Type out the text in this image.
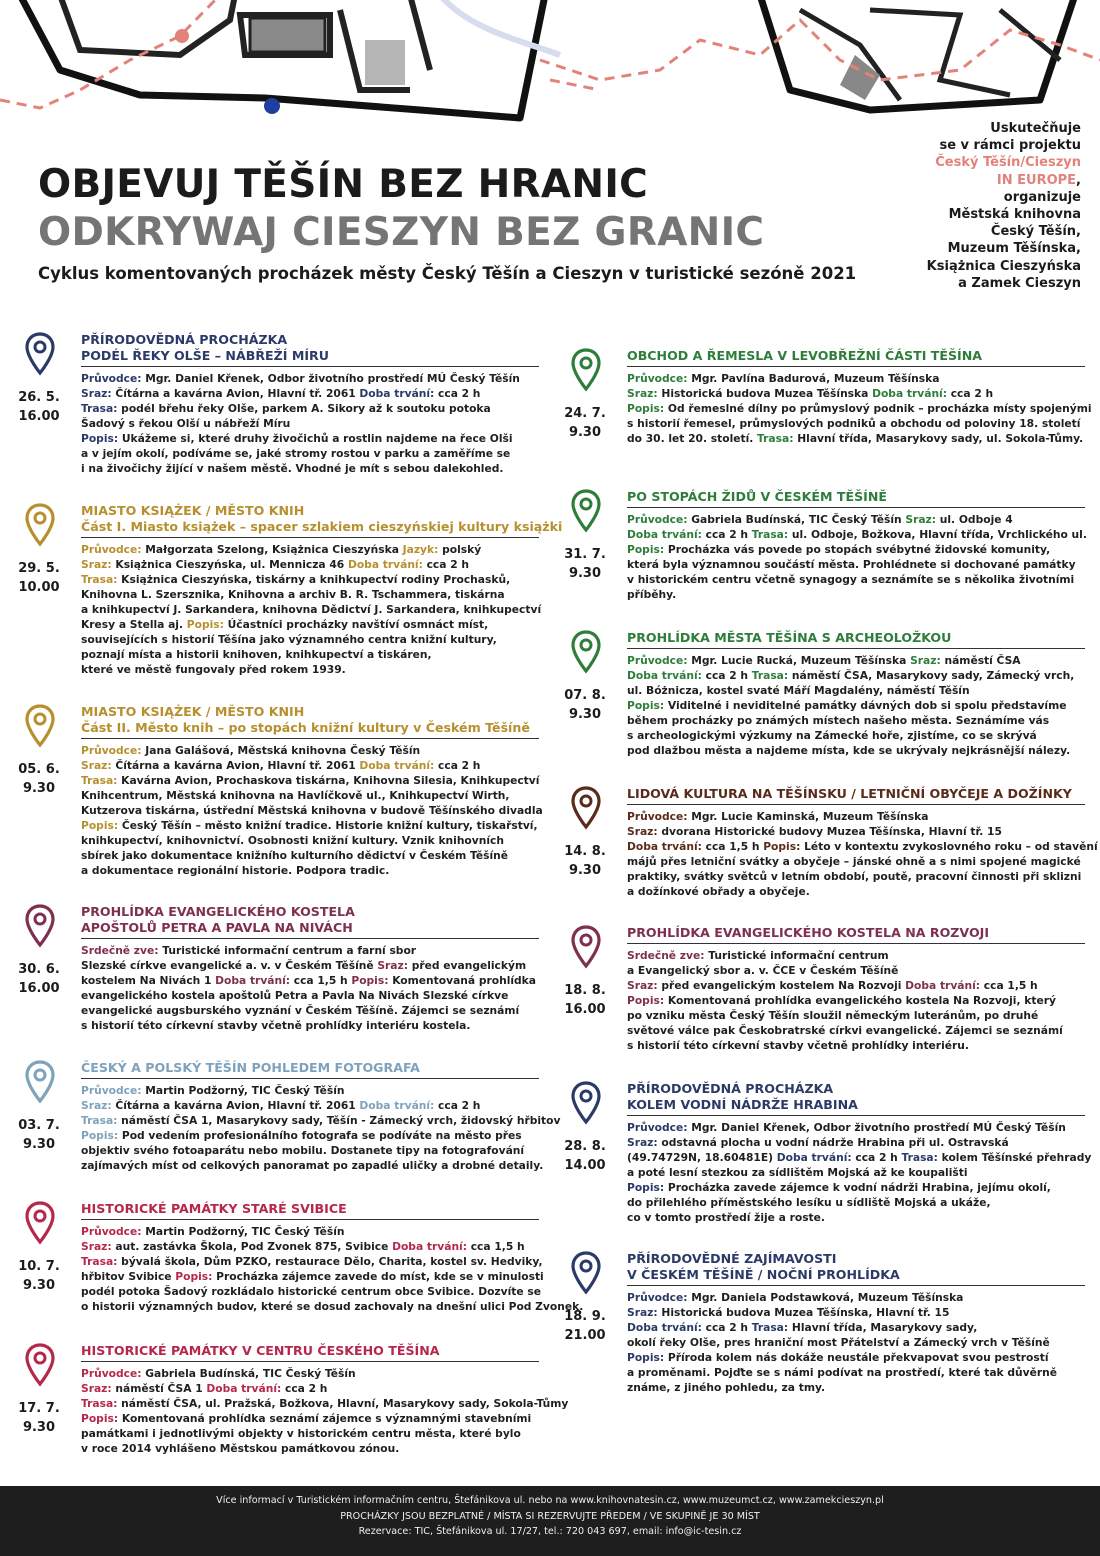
OBJEVUJ TĚŠÍN BEZ HRANIC
ODKRYWAJ CIESZYN BEZ GRANIC
Cyklus komentovaných procházek městy Český Těšín a Cieszyn v turistické sezóně 2021
Uskutečňuje
se v rámci projektu
Český Těšín/Cieszyn
IN EUROPE,
organizuje
Městská knihovna
Český Těšín,
Muzeum Těšínska,
Książnica Cieszyńska
a Zamek Cieszyn
26. 5.
16.00
PŘÍRODOVĚDNÁ PROCHÁZKA
PODÉL ŘEKY OLŠE – NÁBŘEŽÍ MÍRU
Průvodce: Mgr. Daniel Křenek, Odbor životního prostředí MÚ Český Těšín
Sraz: Čítárna a kavárna Avion, Hlavní tř. 2061 Doba trvání: cca 2 h
Trasa: podél břehu řeky Olše, parkem A. Sikory až k soutoku potoka
Šadový s řekou Olší u nábřeží Míru
Popis: Ukážeme si, které druhy živočichů a rostlin najdeme na řece Olši
a v jejím okolí, podíváme se, jaké stromy rostou v parku a zaměříme se
i na živočichy žijící v našem městě. Vhodné je mít s sebou dalekohled.
29. 5.
10.00
MIASTO KSIĄŻEK / MĚSTO KNIH
Část I. Miasto książek – spacer szlakiem cieszyńskiej kultury książki
Průvodce: Małgorzata Szelong, Książnica Cieszyńska Jazyk: polský
Sraz: Książnica Cieszyńska, ul. Mennicza 46 Doba trvání: cca 2 h
Trasa: Książnica Cieszyńska, tiskárny a knihkupectví rodiny Prochasků,
Knihovna L. Szersznika, Knihovna a archiv B. R. Tschammera, tiskárna
a knihkupectví J. Sarkandera, knihovna Dědictví J. Sarkandera, knihkupectví
Kresy a Stella aj. Popis: Účastníci procházky navštíví osmnáct míst,
souvisejících s historií Těšína jako významného centra knižní kultury,
poznají místa a historii knihoven, knihkupectví a tiskáren,
které ve městě fungovaly před rokem 1939.
05. 6.
9.30
MIASTO KSIĄŻEK / MĚSTO KNIH
Část II. Město knih – po stopách knižní kultury v Českém Těšíně
Průvodce: Jana Galášová, Městská knihovna Český Těšín
Sraz: Čítárna a kavárna Avion, Hlavní tř. 2061 Doba trvání: cca 2 h
Trasa: Kavárna Avion, Prochaskova tiskárna, Knihovna Silesia, Knihkupectví
Knihcentrum, Městská knihovna na Havlíčkově ul., Knihkupectví Wirth,
Kutzerova tiskárna, ústřední Městská knihovna v budově Těšínského divadla
Popis: Český Těšín – město knižní tradice. Historie knižní kultury, tiskařství,
knihkupectví, knihovnictví. Osobnosti knižní kultury. Vznik knihovních
sbírek jako dokumentace knižního kulturního dědictví v Českém Těšíně
a dokumentace regionální historie. Podpora tradic.
30. 6.
16.00
PROHLÍDKA EVANGELICKÉHO KOSTELA
APOŠTOLŮ PETRA A PAVLA NA NIVÁCH
Srdečně zve: Turistické informační centrum a farní sbor
Slezské církve evangelické a. v. v Českém Těšíně Sraz: před evangelickým
kostelem Na Nivách 1 Doba trvání: cca 1,5 h Popis: Komentovaná prohlídka
evangelického kostela apoštolů Petra a Pavla Na Nivách Slezské církve
evangelické augsburského vyznání v Českém Těšíně. Zájemci se seznámí
s historií této církevní stavby včetně prohlídky interiéru kostela.
03. 7.
9.30
ČESKÝ A POLSKÝ TĚŠÍN POHLEDEM FOTOGRAFA
Průvodce: Martin Podžorný, TIC Český Těšín
Sraz: Čítárna a kavárna Avion, Hlavní tř. 2061 Doba trvání: cca 2 h
Trasa: náměstí ČSA 1, Masarykovy sady, Těšín - Zámecký vrch, židovský hřbitov
Popis: Pod vedením profesionálního fotografa se podíváte na město přes
objektiv svého fotoaparátu nebo mobilu. Dostanete tipy na fotografování
zajímavých míst od celkových panoramat po zapadlé uličky a drobné detaily.
10. 7.
9.30
HISTORICKÉ PAMÁTKY STARÉ SVIBICE
Průvodce: Martin Podžorný, TIC Český Těšín
Sraz: aut. zastávka Škola, Pod Zvonek 875, Svibice Doba trvání: cca 1,5 h
Trasa: bývalá škola, Dům PZKO, restaurace Dělo, Charita, kostel sv. Hedviky,
hřbitov Svibice Popis: Procházka zájemce zavede do míst, kde se v minulosti
podél potoka Šadový rozkládalo historické centrum obce Svibice. Dozvíte se
o historii významných budov, které se dosud zachovaly na dnešní ulici Pod Zvonek.
17. 7.
9.30
HISTORICKÉ PAMÁTKY V CENTRU ČESKÉHO TĚŠÍNA
Průvodce: Gabriela Budínská, TIC Český Těšín
Sraz: náměstí ČSA 1 Doba trvání: cca 2 h
Trasa: náměstí ČSA, ul. Pražská, Božkova, Hlavní, Masarykovy sady, Sokola-Tůmy
Popis: Komentovaná prohlídka seznámí zájemce s významnými stavebními
památkami i jednotlivými objekty v historickém centru města, které bylo
v roce 2014 vyhlášeno Městskou památkovou zónou.
24. 7.
9.30
OBCHOD A ŘEMESLA V LEVOBŘEŽNÍ ČÁSTI TĚŠÍNA
Průvodce: Mgr. Pavlína Badurová, Muzeum Těšínska
Sraz: Historická budova Muzea Těšínska Doba trvání: cca 2 h
Popis: Od řemeslné dílny po průmyslový podnik – procházka místy spojenými
s historií řemesel, průmyslových podniků a obchodu od poloviny 18. století
do 30. let 20. století. Trasa: Hlavní třída, Masarykovy sady, ul. Sokola-Tůmy.
31. 7.
9.30
PO STOPÁCH ŽIDŮ V ČESKÉM TĚŠÍNĚ
Průvodce: Gabriela Budínská, TIC Český Těšín Sraz: ul. Odboje 4
Doba trvání: cca 2 h Trasa: ul. Odboje, Božkova, Hlavní třída, Vrchlického ul.
Popis: Procházka vás povede po stopách svébytné židovské komunity,
která byla významnou součástí města. Prohlédnete si dochované památky
v historickém centru včetně synagogy a seznámíte se s několika životními
příběhy.
07. 8.
9.30
PROHLÍDKA MĚSTA TĚŠÍNA S ARCHEOLOŽKOU
Průvodce: Mgr. Lucie Rucká, Muzeum Těšínska Sraz: náměstí ČSA
Doba trvání: cca 2 h Trasa: náměstí ČSA, Masarykovy sady, Zámecký vrch,
ul. Bóżnicza, kostel svaté Máří Magdalény, náměstí Těšín
Popis: Viditelné i neviditelné památky dávných dob si spolu představíme
během procházky po známých místech našeho města. Seznámíme vás
s archeologickými výzkumy na Zámecké hoře, zjistíme, co se skrývá
pod dlažbou města a najdeme místa, kde se ukrývaly nejkrásnější nálezy.
14. 8.
9.30
LIDOVÁ KULTURA NA TĚŠÍNSKU / LETNIČNÍ OBYČEJE A DOŽÍNKY
Průvodce: Mgr. Lucie Kaminská, Muzeum Těšínska
Sraz: dvorana Historické budovy Muzea Těšínska, Hlavní tř. 15
Doba trvání: cca 1,5 h Popis: Léto v kontextu zvykoslovného roku – od stavění
májů přes letniční svátky a obyčeje – jánské ohně a s nimi spojené magické
praktiky, svátky světců v letním období, poutě, pracovní činnosti při sklizni
a dožínkové obřady a obyčeje.
18. 8.
16.00
PROHLÍDKA EVANGELICKÉHO KOSTELA NA ROZVOJI
Srdečně zve: Turistické informační centrum
a Evangelický sbor a. v. ČCE v Českém Těšíně
Sraz: před evangelickým kostelem Na Rozvoji Doba trvání: cca 1,5 h
Popis: Komentovaná prohlídka evangelického kostela Na Rozvoji, který
po vzniku města Český Těšín sloužil německým luteránům, po druhé
světové válce pak Českobratrské církvi evangelické. Zájemci se seznámí
s historií této církevní stavby včetně prohlídky interiéru.
28. 8.
14.00
PŘÍRODOVĚDNÁ PROCHÁZKA
KOLEM VODNÍ NÁDRŽE HRABINA
Průvodce: Mgr. Daniel Křenek, Odbor životního prostředí MÚ Český Těšín
Sraz: odstavná plocha u vodní nádrže Hrabina při ul. Ostravská
(49.74729N, 18.60481E) Doba trvání: cca 2 h Trasa: kolem Těšínské přehrady
a poté lesní stezkou za sídlištěm Mojská až ke koupališti
Popis: Procházka zavede zájemce k vodní nádrži Hrabina, jejímu okolí,
do přilehlého příměstského lesíku u sídliště Mojská a ukáže,
co v tomto prostředí žije a roste.
18. 9.
21.00
PŘÍRODOVĚDNÉ ZAJÍMAVOSTI
V ČESKÉM TĚŠÍNĚ / NOČNÍ PROHLÍDKA
Průvodce: Mgr. Daniela Podstawková, Muzeum Těšínska
Sraz: Historická budova Muzea Těšínska, Hlavní tř. 15
Doba trvání: cca 2 h Trasa: Hlavní třída, Masarykovy sady,
okolí řeky Olše, pres hraniční most Přátelství a Zámecký vrch v Těšíně
Popis: Příroda kolem nás dokáže neustále překvapovat svou pestrostí
a proměnami. Pojďte se s námi podívat na prostředí, které tak důvěrně
známe, z jiného pohledu, za tmy.
Více informací v Turistickém informačním centru, Štefánikova ul. nebo na www.knihovnatesin.cz, www.muzeumct.cz, www.zamekcieszyn.pl
PROCHÁZKY JSOU BEZPLATNÉ / MÍSTA SI REZERVUJTE PŘEDEM / VE SKUPINĚ JE 30 MÍST
Rezervace: TIC, Štefánikova ul. 17/27, tel.: 720 043 697, email: info@ic-tesin.cz
